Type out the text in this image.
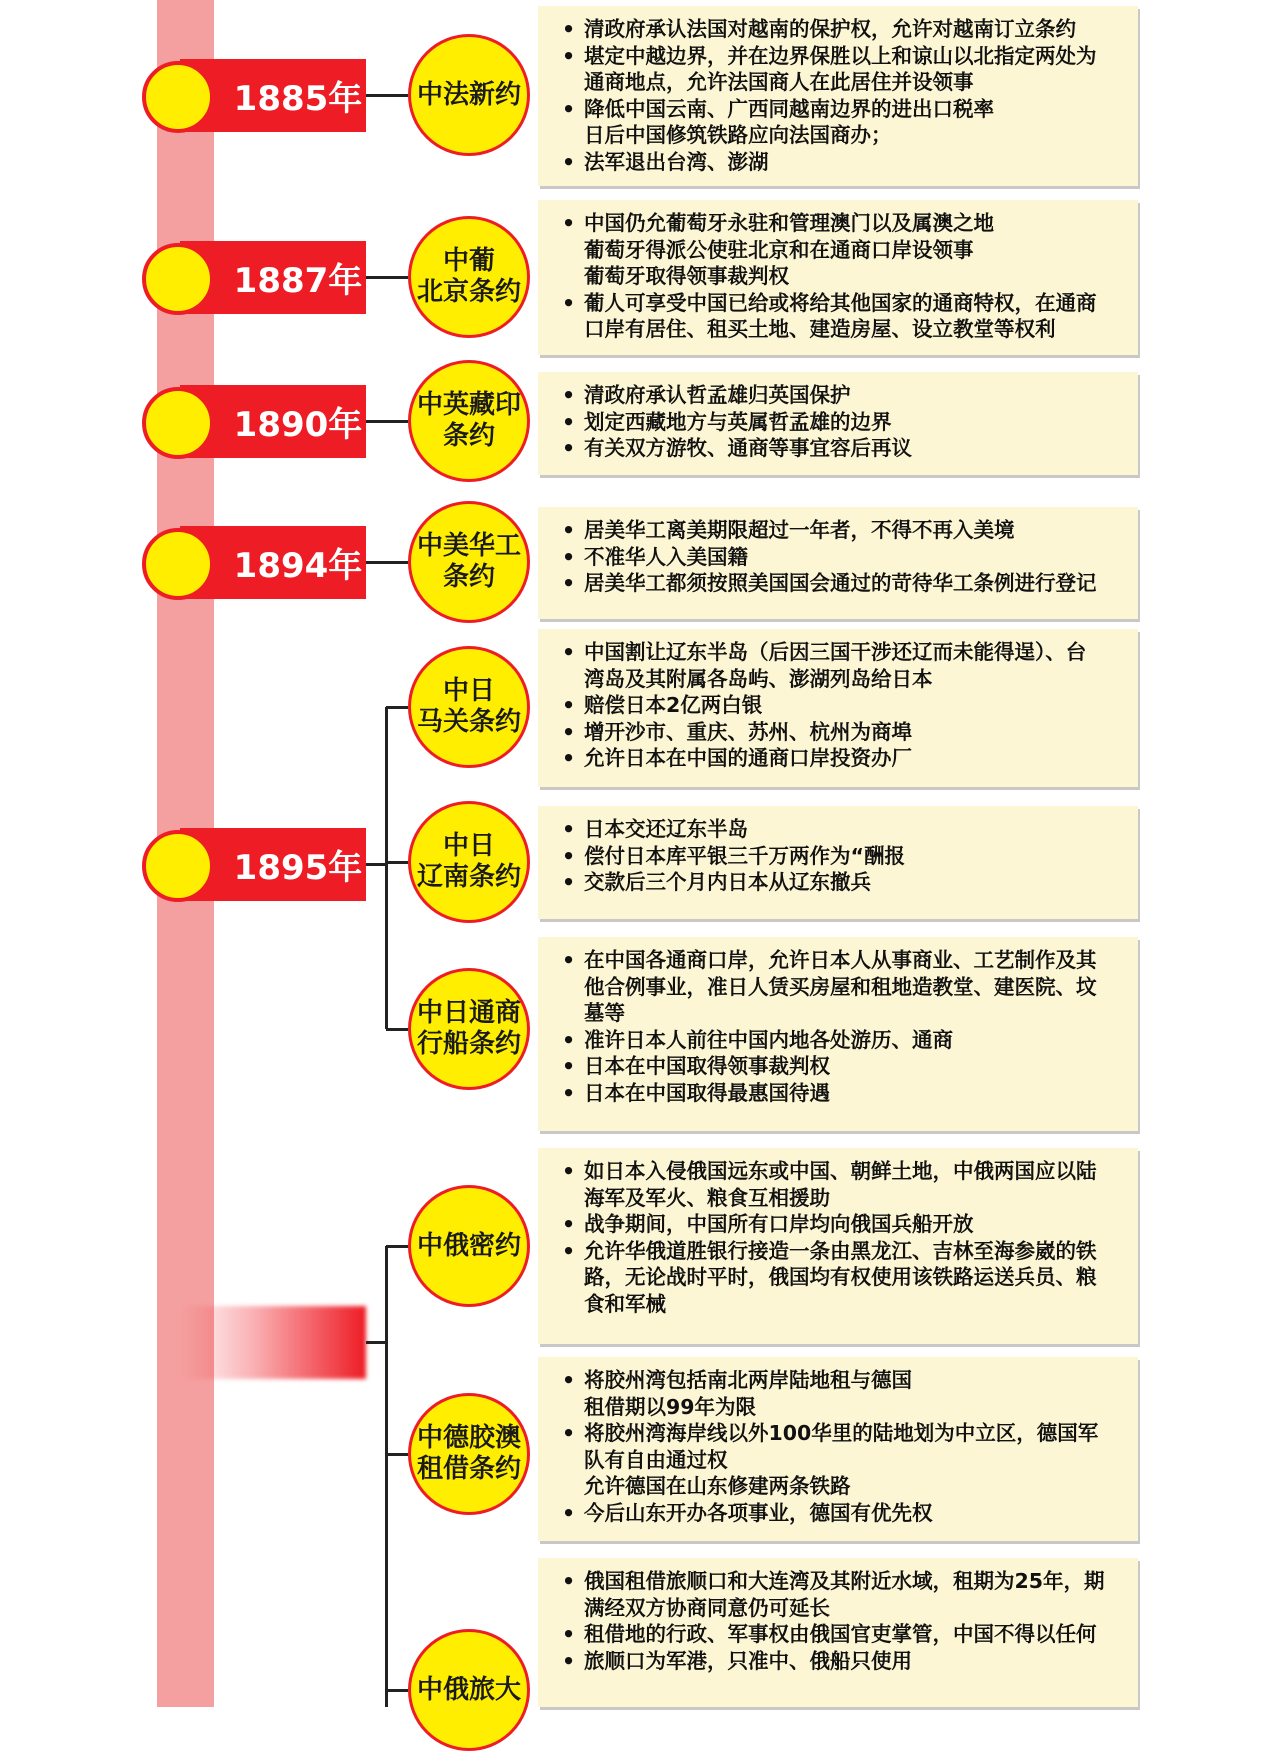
1885年
1887年
1890年
1894年
1895年
中法新约
• 清政府承认法国对越南的保护权，允许对越南订立条约
• 堪定中越边界，并在边界保胜以上和谅山以北指定两处为
通商地点，允许法国商人在此居住并设领事
• 降低中国云南、广西同越南边界的进出口税率
日后中国修筑铁路应向法国商办；
• 法军退出台湾、澎湖
中葡
北京条约
• 中国仍允葡萄牙永驻和管理澳门以及属澳之地
葡萄牙得派公使驻北京和在通商口岸设领事
葡萄牙取得领事裁判权
• 葡人可享受中国已给或将给其他国家的通商特权，在通商
口岸有居住、租买土地、建造房屋、设立教堂等权利
中英藏印
条约
• 清政府承认哲孟雄归英国保护
• 划定西藏地方与英属哲孟雄的边界
• 有关双方游牧、通商等事宜容后再议
中美华工
条约
• 居美华工离美期限超过一年者，不得不再入美境
• 不准华人入美国籍
• 居美华工都须按照美国国会通过的苛待华工条例进行登记
中日
马关条约
• 中国割让辽东半岛（后因三国干涉还辽而未能得逞）、台
湾岛及其附属各岛屿、澎湖列岛给日本
• 赔偿日本2亿两白银
• 增开沙市、重庆、苏州、杭州为商埠
• 允许日本在中国的通商口岸投资办厂
中日
辽南条约
• 日本交还辽东半岛
• 偿付日本库平银三千万两作为“酬报
• 交款后三个月内日本从辽东撤兵
中日通商
行船条约
• 在中国各通商口岸，允许日本人从事商业、工艺制作及其
他合例事业，准日人赁买房屋和租地造教堂、建医院、坟
墓等
• 准许日本人前往中国内地各处游历、通商
• 日本在中国取得领事裁判权
• 日本在中国取得最惠国待遇
中俄密约
• 如日本入侵俄国远东或中国、朝鲜土地，中俄两国应以陆
海军及军火、粮食互相援助
• 战争期间，中国所有口岸均向俄国兵船开放
• 允许华俄道胜银行接造一条由黑龙江、吉林至海参崴的铁
路，无论战时平时，俄国均有权使用该铁路运送兵员、粮
食和军械
中德胶澳
租借条约
• 将胶州湾包括南北两岸陆地租与德国
租借期以99年为限
• 将胶州湾海岸线以外100华里的陆地划为中立区，德国军
队有自由通过权
允许德国在山东修建两条铁路
• 今后山东开办各项事业，德国有优先权
中俄旅大
• 俄国租借旅顺口和大连湾及其附近水域，租期为25年，期
满经双方协商同意仍可延长
• 租借地的行政、军事权由俄国官吏掌管，中国不得以任何
• 旅顺口为军港，只准中、俄船只使用
